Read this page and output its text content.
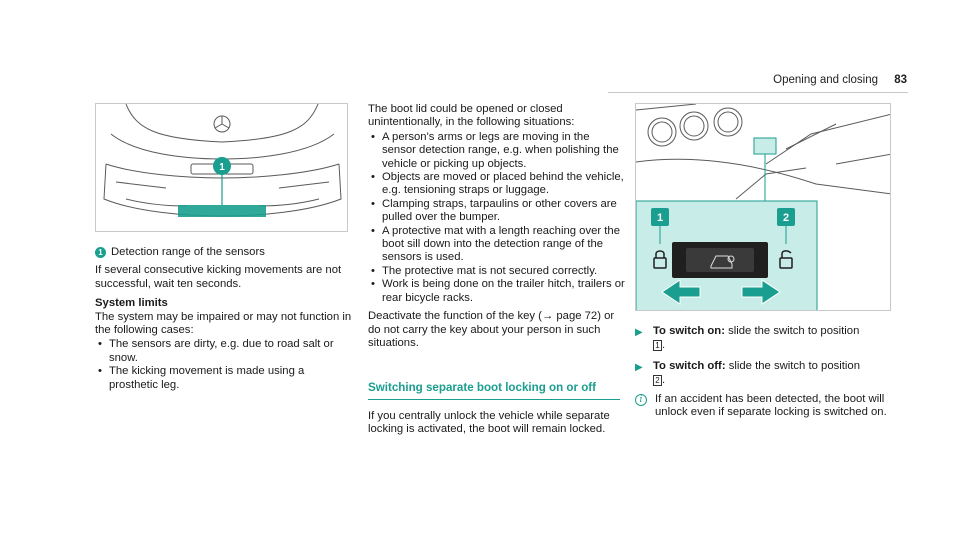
Opening and closing 83
1
1 Detection range of the sensors

If several consecutive kicking movements are not successful, wait ten seconds.

System limits

The system may be impaired or may not function in the following cases:

• The sensors are dirty, e.g. due to road salt or snow.
• The kicking movement is made using a prosthetic leg.

The boot lid could be opened or closed unintentionally, in the following situations:

• A person's arms or legs are moving in the sensor detection range, e.g. when polishing the vehicle or picking up objects.
• Objects are moved or placed behind the vehicle, e.g. tensioning straps or luggage.
• Clamping straps, tarpaulins or other covers are pulled over the bumper.
• A protective mat with a length reaching over the boot sill down into the detection range of the sensors is used.
• The protective mat is not secured correctly.
• Work is being done on the trailer hitch, trailers or rear bicycle racks.

Deactivate the function of the key (→ page 72) or do not carry the key about your person in such situations.

Switching separate boot locking on or off

If you centrally unlock the vehicle while separate locking is activated, the boot will remain locked.

1	2
▶ To switch on: slide the switch to position
1 .
▶ To switch off: slide the switch to position
2 .
i	If an accident has been detected, the boot will unlock even if separate locking is switched on.
